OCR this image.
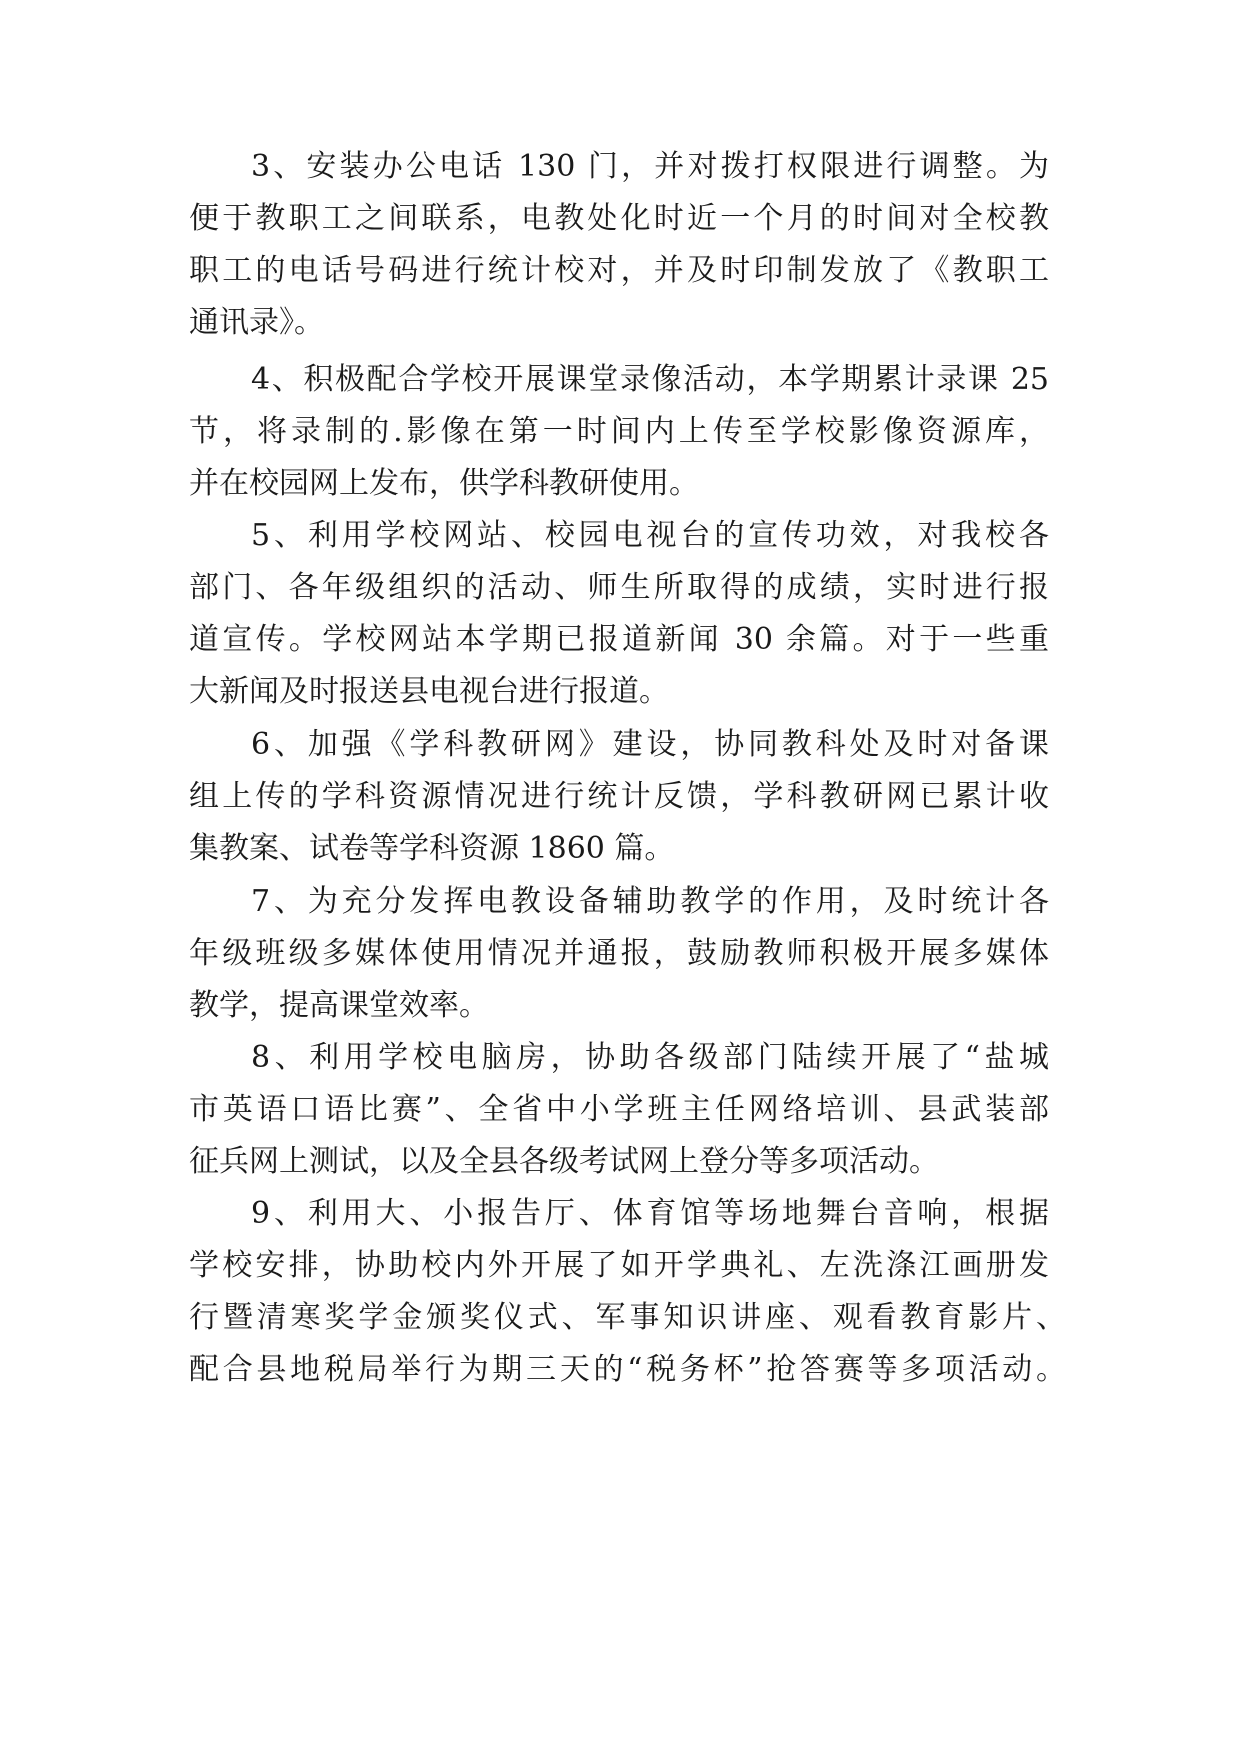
3、安装办公电话 130 门，并对拨打权限进行调整。为
便于教职工之间联系，电教处化时近一个月的时间对全校教
职工的电话号码进行统计校对，并及时印制发放了《教职工
通讯录》。
4、积极配合学校开展课堂录像活动，本学期累计录课 25
节，将录制的.影像在第一时间内上传至学校影像资源库，
并在校园网上发布，供学科教研使用。
5、利用学校网站、校园电视台的宣传功效，对我校各
部门、各年级组织的活动、师生所取得的成绩，实时进行报
道宣传。学校网站本学期已报道新闻 30 余篇。对于一些重
大新闻及时报送县电视台进行报道。
6、加强《学科教研网》建设，协同教科处及时对备课
组上传的学科资源情况进行统计反馈，学科教研网已累计收
集教案、试卷等学科资源 1860 篇。
7、为充分发挥电教设备辅助教学的作用，及时统计各
年级班级多媒体使用情况并通报，鼓励教师积极开展多媒体
教学，提高课堂效率。
8、利用学校电脑房，协助各级部门陆续开展了“盐城
市英语口语比赛”、全省中小学班主任网络培训、县武装部
征兵网上测试，以及全县各级考试网上登分等多项活动。
9、利用大、小报告厅、体育馆等场地舞台音响，根据
学校安排，协助校内外开展了如开学典礼、左洗涤江画册发
行暨清寒奖学金颁奖仪式、军事知识讲座、观看教育影片、
配合县地税局举行为期三天的“税务杯”抢答赛等多项活动。
